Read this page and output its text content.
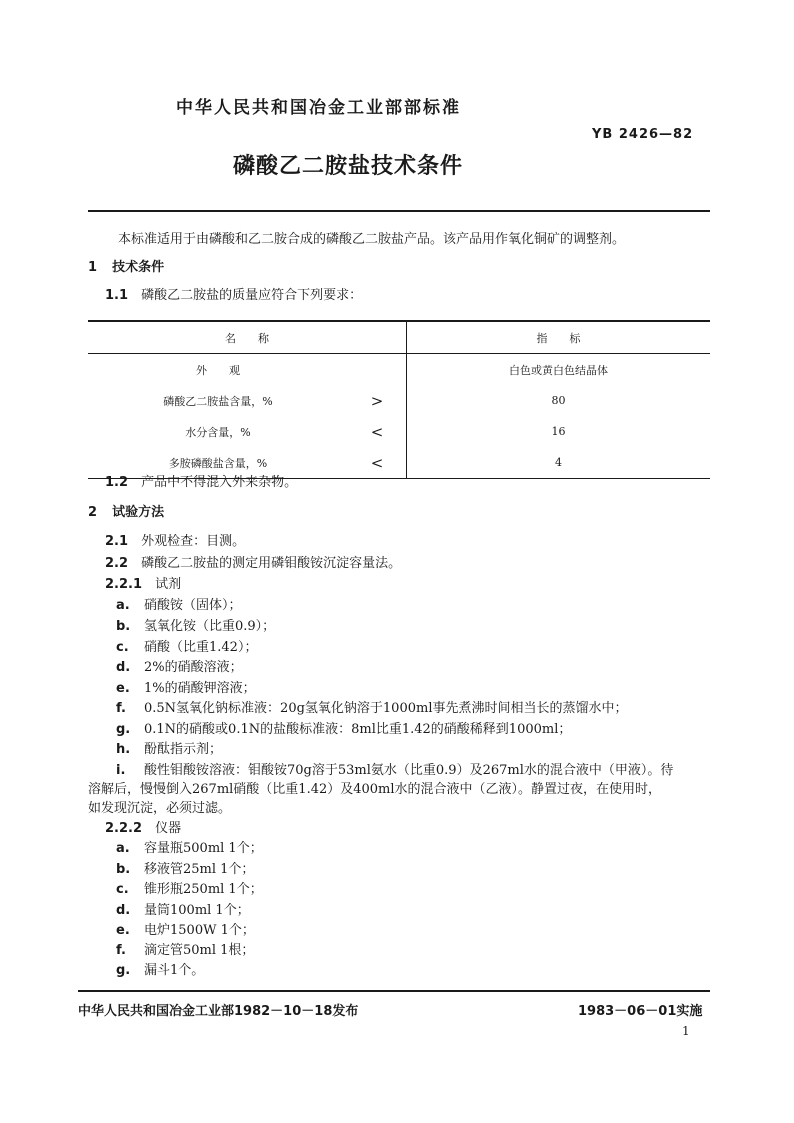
中华人民共和国冶金工业部部标准
YB 2426—82
磷酸乙二胺盐技术条件
本标准适用于由磷酸和乙二胺合成的磷酸乙二胺盐产品。该产品用作氧化铜矿的调整剂。
1 技术条件
1.1 磷酸乙二胺盐的质量应符合下列要求：
名　　称		指　　标
外　　观		白色或黄白色结晶体
磷酸乙二胺盐含量，%	>	80
水分含量，%	<	16
多胺磷酸盐含量，%	<	4
1.2 产品中不得混入外来杂物。
2 试验方法
2.1 外观检查：目测。
2.2 磷酸乙二胺盐的测定用磷钼酸铵沉淀容量法。
2.2.1 试剂
a. 硝酸铵（固体）；
b. 氢氧化铵（比重0.9）；
c. 硝酸（比重1.42）；
d. 2%的硝酸溶液；
e. 1%的硝酸钾溶液；
f. 0.5N氢氧化钠标准液：20g氢氧化钠溶于1000ml事先煮沸时间相当长的蒸馏水中；
g. 0.1N的硝酸或0.1N的盐酸标准液：8ml比重1.42的硝酸稀释到1000ml；
h. 酚酞指示剂；
i. 酸性钼酸铵溶液：钼酸铵70g溶于53ml氨水（比重0.9）及267ml水的混合液中（甲液）。待
溶解后，慢慢倒入267ml硝酸（比重1.42）及400ml水的混合液中（乙液）。静置过夜，在使用时，
如发现沉淀，必须过滤。
2.2.2 仪器
a. 容量瓶500ml 1个；
b. 移液管25ml 1个；
c. 锥形瓶250ml 1个；
d. 量筒100ml 1个；
e. 电炉1500W 1个；
f. 滴定管50ml 1根；
g. 漏斗1个。
中华人民共和国冶金工业部1982－10－18发布	1983－06－01实施
1
